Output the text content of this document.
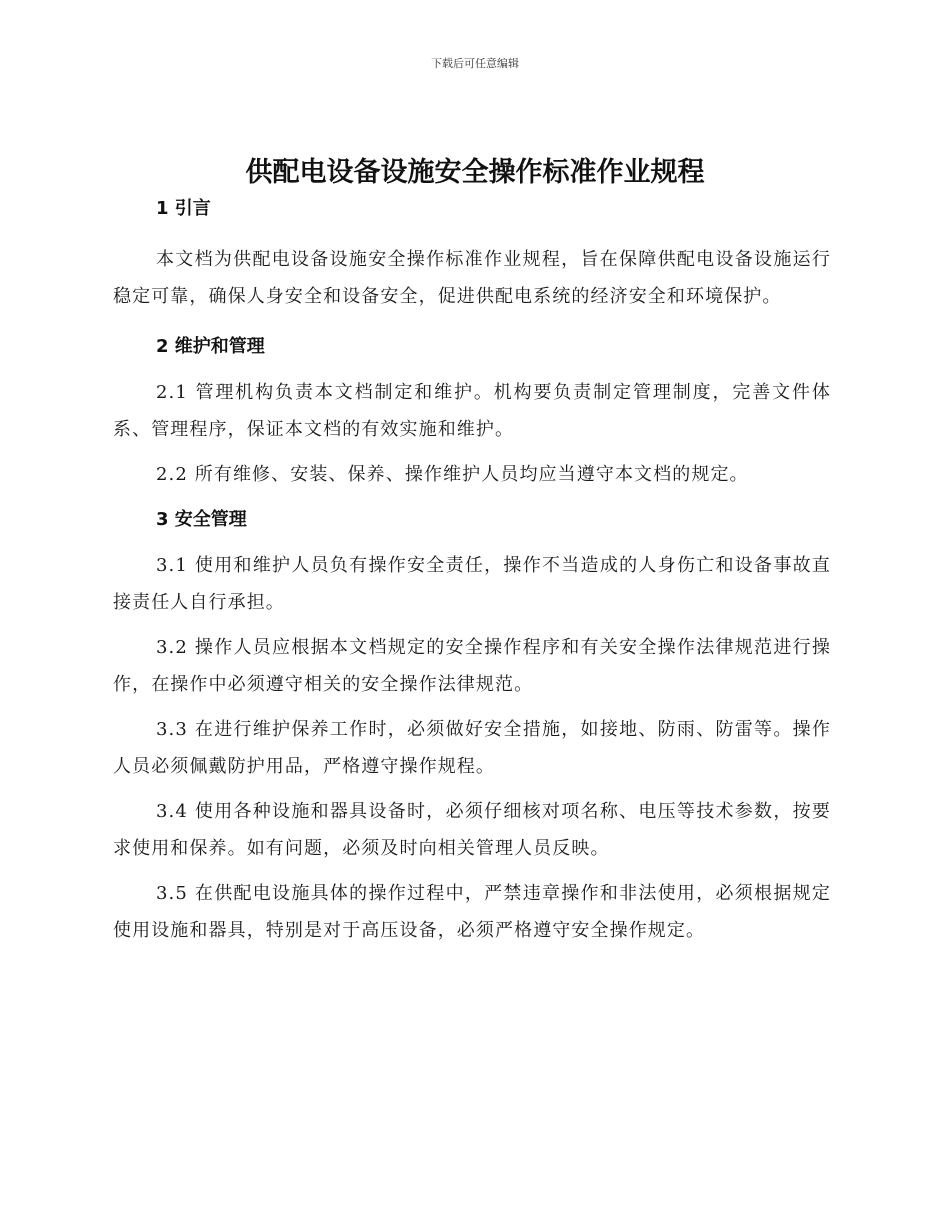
下载后可任意编辑
供配电设备设施安全操作标准作业规程
1 引言

本文档为供配电设备设施安全操作标准作业规程，旨在保障供配电设备设施运行稳定可靠，确保人身安全和设备安全，促进供配电系统的经济安全和环境保护。

2 维护和管理

2.1 管理机构负责本文档制定和维护。机构要负责制定管理制度，完善文件体系、管理程序，保证本文档的有效实施和维护。

2.2 所有维修、安装、保养、操作维护人员均应当遵守本文档的规定。

3 安全管理

3.1 使用和维护人员负有操作安全责任，操作不当造成的人身伤亡和设备事故直接责任人自行承担。

3.2 操作人员应根据本文档规定的安全操作程序和有关安全操作法律规范进行操作，在操作中必须遵守相关的安全操作法律规范。

3.3 在进行维护保养工作时，必须做好安全措施，如接地、防雨、防雷等。操作人员必须佩戴防护用品，严格遵守操作规程。

3.4 使用各种设施和器具设备时，必须仔细核对项名称、电压等技术参数，按要求使用和保养。如有问题，必须及时向相关管理人员反映。

3.5 在供配电设施具体的操作过程中，严禁违章操作和非法使用，必须根据规定使用设施和器具，特别是对于高压设备，必须严格遵守安全操作规定。
